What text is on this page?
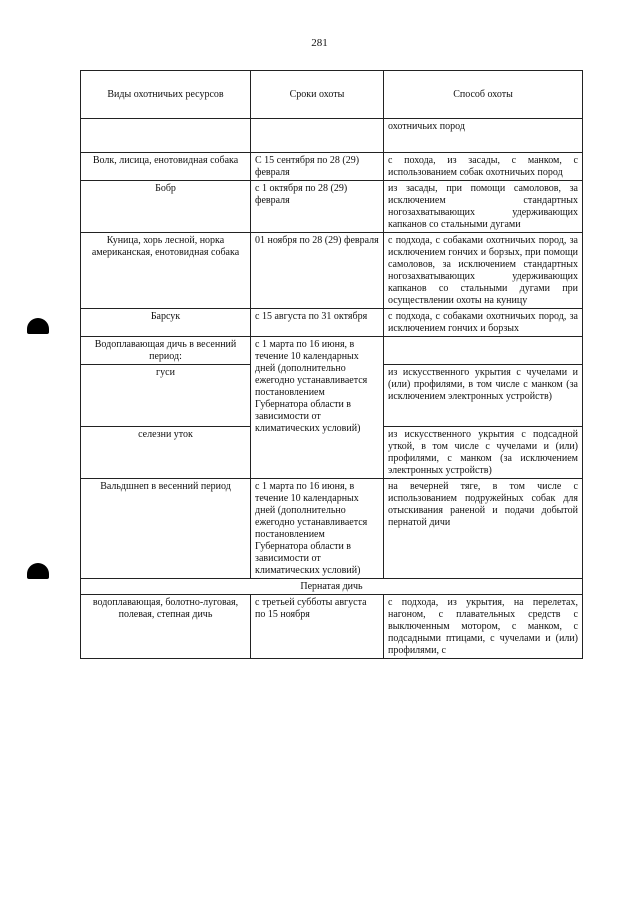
281
Виды охотничьих ресурсов	Сроки охоты	Способ охоты
		охотничьих пород
Волк, лисица, енотовидная собака	С 15 сентября по 28 (29) февраля	с похода, из засады, с манком, с использованием собак охотничьих пород
Бобр	с 1 октября по 28 (29) февраля	из засады, при помощи самоловов, за исключением стандартных ногозахватывающих удерживающих капканов со стальными дугами
Куница, хорь лесной, норка американская, енотовидная собака	01 ноября по 28 (29) февраля	с подхода, с собаками охотничьих пород, за исключением гончих и борзых, при помощи самоловов, за исключением стандартных ногозахватывающих удерживающих капканов со стальными дугами при осуществлении охоты на куницу
Барсук	с 15 августа по 31 октября	с подхода, с собаками охотничьих пород, за исключением гончих и борзых
Водоплавающая дичь в весенний период:	с 1 марта по 16 июня, в течение 10 календарных дней (дополнительно ежегодно устанавливается постановлением Губернатора области в зависимости от климатических условий)	
гуси		из искусственного укрытия с чучелами и (или) профилями, в том числе с манком (за исключением электронных устройств)
селезни уток		из искусственного укрытия с подсадной уткой, в том числе с чучелами и (или) профилями, с манком (за исключением электронных устройств)
Вальдшнеп в весенний период	с 1 марта по 16 июня, в течение 10 календарных дней (дополнительно ежегодно устанавливается постановлением Губернатора области в зависимости от климатических условий)	на вечерней тяге, в том числе с использованием подружейных собак для отыскивания раненой и подачи добытой пернатой дичи
Пернатая дичь		
водоплавающая, болотно-луговая, полевая, степная дичь	с третьей субботы августа по 15 ноября	с подхода, из укрытия, на перелетах, нагоном, с плавательных средств с выключенным мотором, с манком, с подсадными птицами, с чучелами и (или) профилями, с
